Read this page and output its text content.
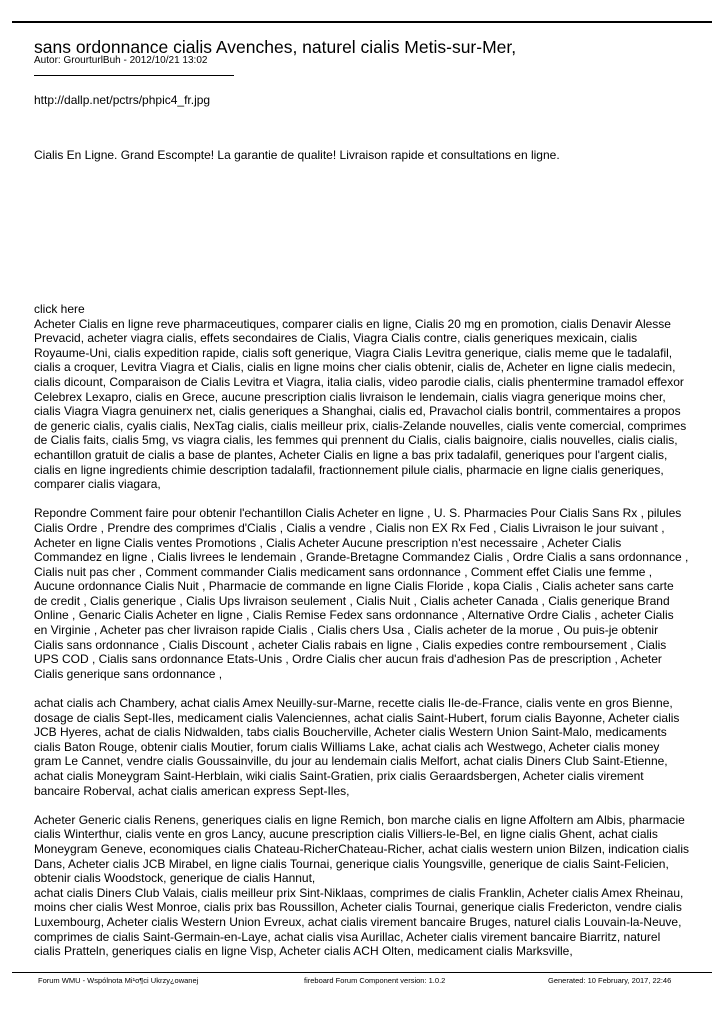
sans ordonnance cialis Avenches, naturel cialis Metis-sur-Mer,
Autor: GrourturlBuh - 2012/10/21 13:02
http://dallp.net/pctrs/phpic4_fr.jpg
Cialis En Ligne. Grand Escompte! La garantie de qualite! Livraison rapide et consultations en ligne.

click here

Acheter Cialis en ligne reve pharmaceutiques, comparer cialis en ligne, Cialis 20 mg en promotion, cialis Denavir Alesse Prevacid, acheter viagra cialis, effets secondaires de Cialis, Viagra Cialis contre, cialis generiques mexicain, cialis Royaume-Uni, cialis expedition rapide, cialis soft generique, Viagra Cialis Levitra generique, cialis meme que le tadalafil, cialis a croquer, Levitra Viagra et Cialis, cialis en ligne moins cher cialis obtenir, cialis de, Acheter en ligne cialis medecin, cialis dicount, Comparaison de Cialis Levitra et Viagra, italia cialis, video parodie cialis, cialis phentermine tramadol effexor Celebrex Lexapro, cialis en Grece, aucune prescription cialis livraison le lendemain, cialis viagra generique moins cher, cialis Viagra Viagra genuinerx net, cialis generiques a Shanghai, cialis ed, Pravachol cialis bontril, commentaires a propos de generic cialis, cyalis cialis, NexTag cialis, cialis meilleur prix, cialis-Zelande nouvelles, cialis vente comercial, comprimes de Cialis faits, cialis 5mg, vs viagra cialis, les femmes qui prennent du Cialis, cialis baignoire, cialis nouvelles, cialis cialis, echantillon gratuit de cialis a base de plantes, Acheter Cialis en ligne a bas prix tadalafil, generiques pour l'argent cialis, cialis en ligne ingredients chimie description tadalafil, fractionnement pilule cialis, pharmacie en ligne cialis generiques, comparer cialis viagara,

Repondre Comment faire pour obtenir l'echantillon Cialis Acheter en ligne , U. S. Pharmacies Pour Cialis Sans Rx , pilules Cialis Ordre , Prendre des comprimes d'Cialis , Cialis a vendre , Cialis non EX Rx Fed , Cialis Livraison le jour suivant , Acheter en ligne Cialis ventes Promotions , Cialis Acheter Aucune prescription n'est necessaire , Acheter Cialis Commandez en ligne , Cialis livrees le lendemain , Grande-Bretagne Commandez Cialis , Ordre Cialis a sans ordonnance , Cialis nuit pas cher , Comment commander Cialis medicament sans ordonnance , Comment effet Cialis une femme , Aucune ordonnance Cialis Nuit , Pharmacie de commande en ligne Cialis Floride , kopa Cialis , Cialis acheter sans carte de credit , Cialis generique , Cialis Ups livraison seulement , Cialis Nuit , Cialis acheter Canada , Cialis generique Brand Online , Genaric Cialis Acheter en ligne , Cialis Remise Fedex sans ordonnance , Alternative Ordre Cialis , acheter Cialis en Virginie , Acheter pas cher livraison rapide Cialis , Cialis chers Usa , Cialis acheter de la morue , Ou puis-je obtenir Cialis sans ordonnance , Cialis Discount , acheter Cialis rabais en ligne , Cialis expedies contre remboursement , Cialis UPS COD , Cialis sans ordonnance Etats-Unis , Ordre Cialis cher aucun frais d'adhesion Pas de prescription , Acheter Cialis generique sans ordonnance ,

achat cialis ach Chambery, achat cialis Amex Neuilly-sur-Marne, recette cialis Ile-de-France, cialis vente en gros Bienne, dosage de cialis Sept-Iles, medicament cialis Valenciennes, achat cialis Saint-Hubert, forum cialis Bayonne, Acheter cialis JCB Hyeres, achat de cialis Nidwalden, tabs cialis Boucherville, Acheter cialis Western Union Saint-Malo, medicaments cialis Baton Rouge, obtenir cialis Moutier, forum cialis Williams Lake, achat cialis ach Westwego, Acheter cialis money gram Le Cannet, vendre cialis Goussainville, du jour au lendemain cialis Melfort, achat cialis Diners Club Saint-Etienne, achat cialis Moneygram Saint-Herblain, wiki cialis Saint-Gratien, prix cialis Geraardsbergen, Acheter cialis virement bancaire Roberval, achat cialis american express Sept-Iles,

Acheter Generic cialis Renens, generiques cialis en ligne Remich, bon marche cialis en ligne Affoltern am Albis, pharmacie cialis Winterthur, cialis vente en gros Lancy, aucune prescription cialis Villiers-le-Bel, en ligne cialis Ghent, achat cialis Moneygram Geneve, economiques cialis Chateau-RicherChateau-Richer, achat cialis western union Bilzen, indication cialis Dans, Acheter cialis JCB Mirabel, en ligne cialis Tournai, generique cialis Youngsville, generique de cialis Saint-Felicien, obtenir cialis Woodstock, generique de cialis Hannut,

achat cialis Diners Club Valais, cialis meilleur prix Sint-Niklaas, comprimes de cialis Franklin, Acheter cialis Amex Rheinau, moins cher cialis West Monroe, cialis prix bas Roussillon, Acheter cialis Tournai, generique cialis Fredericton, vendre cialis Luxembourg, Acheter cialis Western Union Evreux, achat cialis virement bancaire Bruges, naturel cialis Louvain-la-Neuve, comprimes de cialis Saint-Germain-en-Laye, achat cialis visa Aurillac, Acheter cialis virement bancaire Biarritz, naturel cialis Pratteln, generiques cialis en ligne Visp, Acheter cialis ACH Olten, medicament cialis Marksville,

Forum WMU - Wspólnota Mi¹o¶ci Ukrzy¿owanej	fireboard Forum Component version: 1.0.2	Generated: 10 February, 2017, 22:46
